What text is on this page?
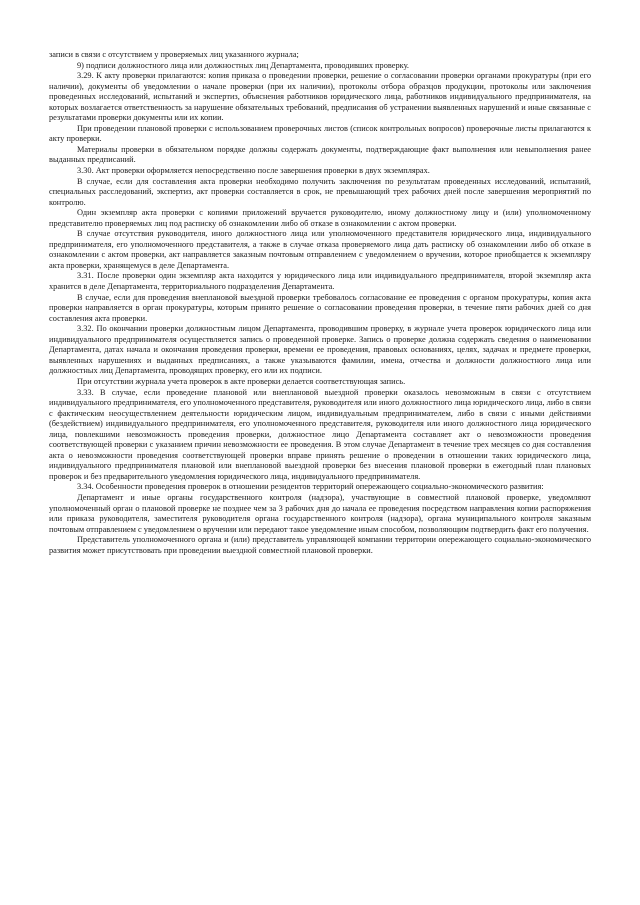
записи в связи с отсутствием у проверяемых лиц указанного журнала;

9) подписи должностного лица или должностных лиц Департамента, проводивших проверку.

3.29. К акту проверки прилагаются: копия приказа о проведении проверки, решение о согласовании проверки органами прокуратуры (при его наличии), документы об уведомлении о начале проверки (при их наличии), протоколы отбора образцов продукции, протоколы или заключения проведенных исследований, испытаний и экспертиз, объяснения работников юридического лица, работников индивидуального предпринимателя, на которых возлагается ответственность за нарушение обязательных требований, предписания об устранении выявленных нарушений и иные связанные с результатами проверки документы или их копии.

При проведении плановой проверки с использованием проверочных листов (список контрольных вопросов) проверочные листы прилагаются к акту проверки.

Материалы проверки в обязательном порядке должны содержать документы, подтверждающие факт выполнения или невыполнения ранее выданных предписаний.

3.30. Акт проверки оформляется непосредственно после завершения проверки в двух экземплярах.

В случае, если для составления акта проверки необходимо получить заключения по результатам проведенных исследований, испытаний, специальных расследований, экспертиз, акт проверки составляется в срок, не превышающий трех рабочих дней после завершения мероприятий по контролю.

Один экземпляр акта проверки с копиями приложений вручается руководителю, иному должностному лицу и (или) уполномоченному представителю проверяемых лиц под расписку об ознакомлении либо об отказе в ознакомлении с актом проверки.

В случае отсутствия руководителя, иного должностного лица или уполномоченного представителя юридического лица, индивидуального предпринимателя, его уполномоченного представителя, а также в случае отказа проверяемого лица дать расписку об ознакомлении либо об отказе в ознакомлении с актом проверки, акт направляется заказным почтовым отправлением с уведомлением о вручении, которое приобщается к экземпляру акта проверки, хранящемуся в деле Департамента.

3.31. После проверки один экземпляр акта находится у юридического лица или индивидуального предпринимателя, второй экземпляр акта хранится в деле Департамента, территориального подразделения Департамента.

В случае, если для проведения внеплановой выездной проверки требовалось согласование ее проведения с органом прокуратуры, копия акта проверки направляется в орган прокуратуры, которым принято решение о согласовании проведения проверки, в течение пяти рабочих дней со дня составления акта проверки.

3.32. По окончании проверки должностным лицом Департамента, проводившим проверку, в журнале учета проверок юридического лица или индивидуального предпринимателя осуществляется запись о проведенной проверке. Запись о проверке должна содержать сведения о наименовании Департамента, датах начала и окончания проведения проверки, времени ее проведения, правовых основаниях, целях, задачах и предмете проверки, выявленных нарушениях и выданных предписаниях, а также указываются фамилии, имена, отчества и должности должностного лица или должностных лиц Департамента, проводящих проверку, его или их подписи.

При отсутствии журнала учета проверок в акте проверки делается соответствующая запись.

3.33. В случае, если проведение плановой или внеплановой выездной проверки оказалось невозможным в связи с отсутствием индивидуального предпринимателя, его уполномоченного представителя, руководителя или иного должностного лица юридического лица, либо в связи с фактическим неосуществлением деятельности юридическим лицом, индивидуальным предпринимателем, либо в связи с иными действиями (бездействием) индивидуального предпринимателя, его уполномоченного представителя, руководителя или иного должностного лица юридического лица, повлекшими невозможность проведения проверки, должностное лицо Департамента составляет акт о невозможности проведения соответствующей проверки с указанием причин невозможности ее проведения. В этом случае Департамент в течение трех месяцев со дня составления акта о невозможности проведения соответствующей проверки вправе принять решение о проведении в отношении таких юридического лица, индивидуального предпринимателя плановой или внеплановой выездной проверки без внесения плановой проверки в ежегодный план плановых проверок и без предварительного уведомления юридического лица, индивидуального предпринимателя.

3.34. Особенности проведения проверок в отношении резидентов территорий опережающего социально-экономического развития:

Департамент и иные органы государственного контроля (надзора), участвующие в совместной плановой проверке, уведомляют уполномоченный орган о плановой проверке не позднее чем за 3 рабочих дня до начала ее проведения посредством направления копии распоряжения или приказа руководителя, заместителя руководителя органа государственного контроля (надзора), органа муниципального контроля заказным почтовым отправлением с уведомлением о вручении или передают такое уведомление иным способом, позволяющим подтвердить факт его получения.

Представитель уполномоченного органа и (или) представитель управляющей компании территории опережающего социально-экономического развития может присутствовать при проведении выездной совместной плановой проверки.
